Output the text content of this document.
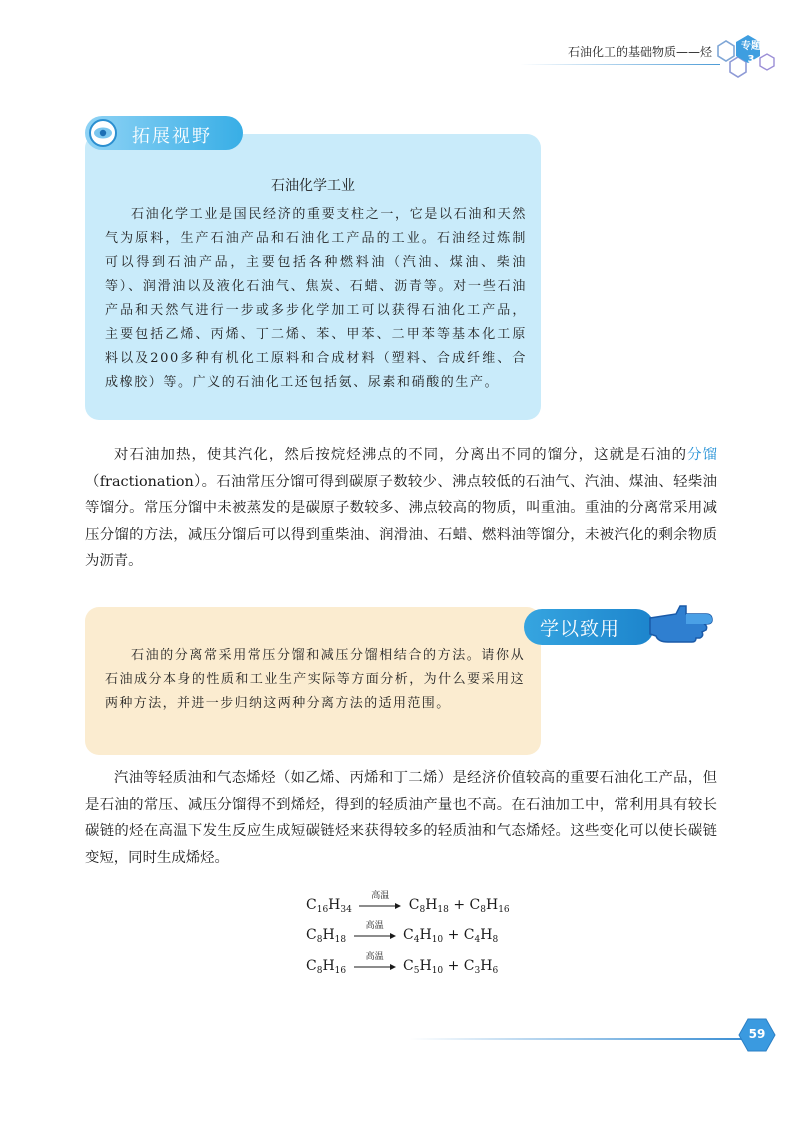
石油化工的基础物质——烃	专题
3
拓展视野
石油化学工业

石油化学工业是国民经济的重要支柱之一，它是以石油和天然气为原料，生产石油产品和石油化工产品的工业。石油经过炼制可以得到石油产品，主要包括各种燃料油（汽油、煤油、柴油等）、润滑油以及液化石油气、焦炭、石蜡、沥青等。对一些石油产品和天然气进行一步或多步化学加工可以获得石油化工产品，主要包括乙烯、丙烯、丁二烯、苯、甲苯、二甲苯等基本化工原料以及200多种有机化工原料和合成材料（塑料、合成纤维、合成橡胶）等。广义的石油化工还包括氨、尿素和硝酸的生产。

对石油加热，使其汽化，然后按烷烃沸点的不同，分离出不同的馏分，这就是石油的分馏（fractionation）。石油常压分馏可得到碳原子数较少、沸点较低的石油气、汽油、煤油、轻柴油等馏分。常压分馏中未被蒸发的是碳原子数较多、沸点较高的物质，叫重油。重油的分离常采用减压分馏的方法，减压分馏后可以得到重柴油、润滑油、石蜡、燃料油等馏分，未被汽化的剩余物质为沥青。

学以致用

石油的分离常采用常压分馏和减压分馏相结合的方法。请你从石油成分本身的性质和工业生产实际等方面分析，为什么要采用这两种方法，并进一步归纳这两种分离方法的适用范围。

汽油等轻质油和气态烯烃（如乙烯、丙烯和丁二烯）是经济价值较高的重要石油化工产品，但是石油的常压、减压分馏得不到烯烃，得到的轻质油产量也不高。在石油加工中，常利用具有较长碳链的烃在高温下发生反应生成短碳链烃来获得较多的轻质油和气态烯烃。这些变化可以使长碳链变短，同时生成烯烃。

$C_{16}H_{34}$
高温
$C_8H_{18} + C_8H_{16}$
$C_8H_{18}$
高温
$C_4H_{10} + C_4H_8$
$C_8H_{16}$
高温
$C_5H_{10} + C_3H_6$
59
